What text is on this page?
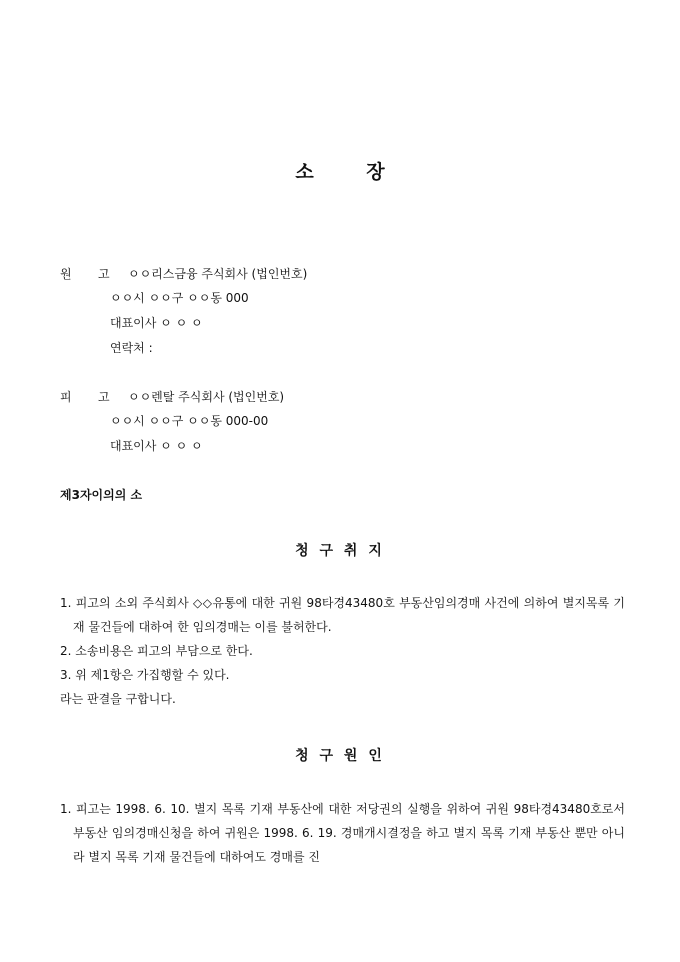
소 장
원 고 ㅇㅇ리스금융 주식회사 (법인번호)
ㅇㅇ시 ㅇㅇ구 ㅇㅇ동 000
대표이사 ㅇ ㅇ ㅇ
연락처 :
피 고 ㅇㅇ렌탈 주식회사 (법인번호)
ㅇㅇ시 ㅇㅇ구 ㅇㅇ동 000-00
대표이사 ㅇ ㅇ ㅇ
제3자이의의 소
청 구 취 지
1. 피고의 소외 주식회사 ◇◇유통에 대한 귀원 98타경43480호 부동산임의경매 사건에 의하여 별지목록 기재 물건들에 대하여 한 임의경매는 이를 불허한다.
2. 소송비용은 피고의 부담으로 한다.
3. 위 제1항은 가집행할 수 있다.
라는 판결을 구합니다.
청 구 원 인
1. 피고는 1998. 6. 10. 별지 목록 기재 부동산에 대한 저당권의 실행을 위하여 귀원 98타경43480호로서 부동산 임의경매신청을 하여 귀원은 1998. 6. 19. 경매개시결정을 하고 별지 목록 기재 부동산 뿐만 아니라 별지 목록 기재 물건들에 대하여도 경매를 진
